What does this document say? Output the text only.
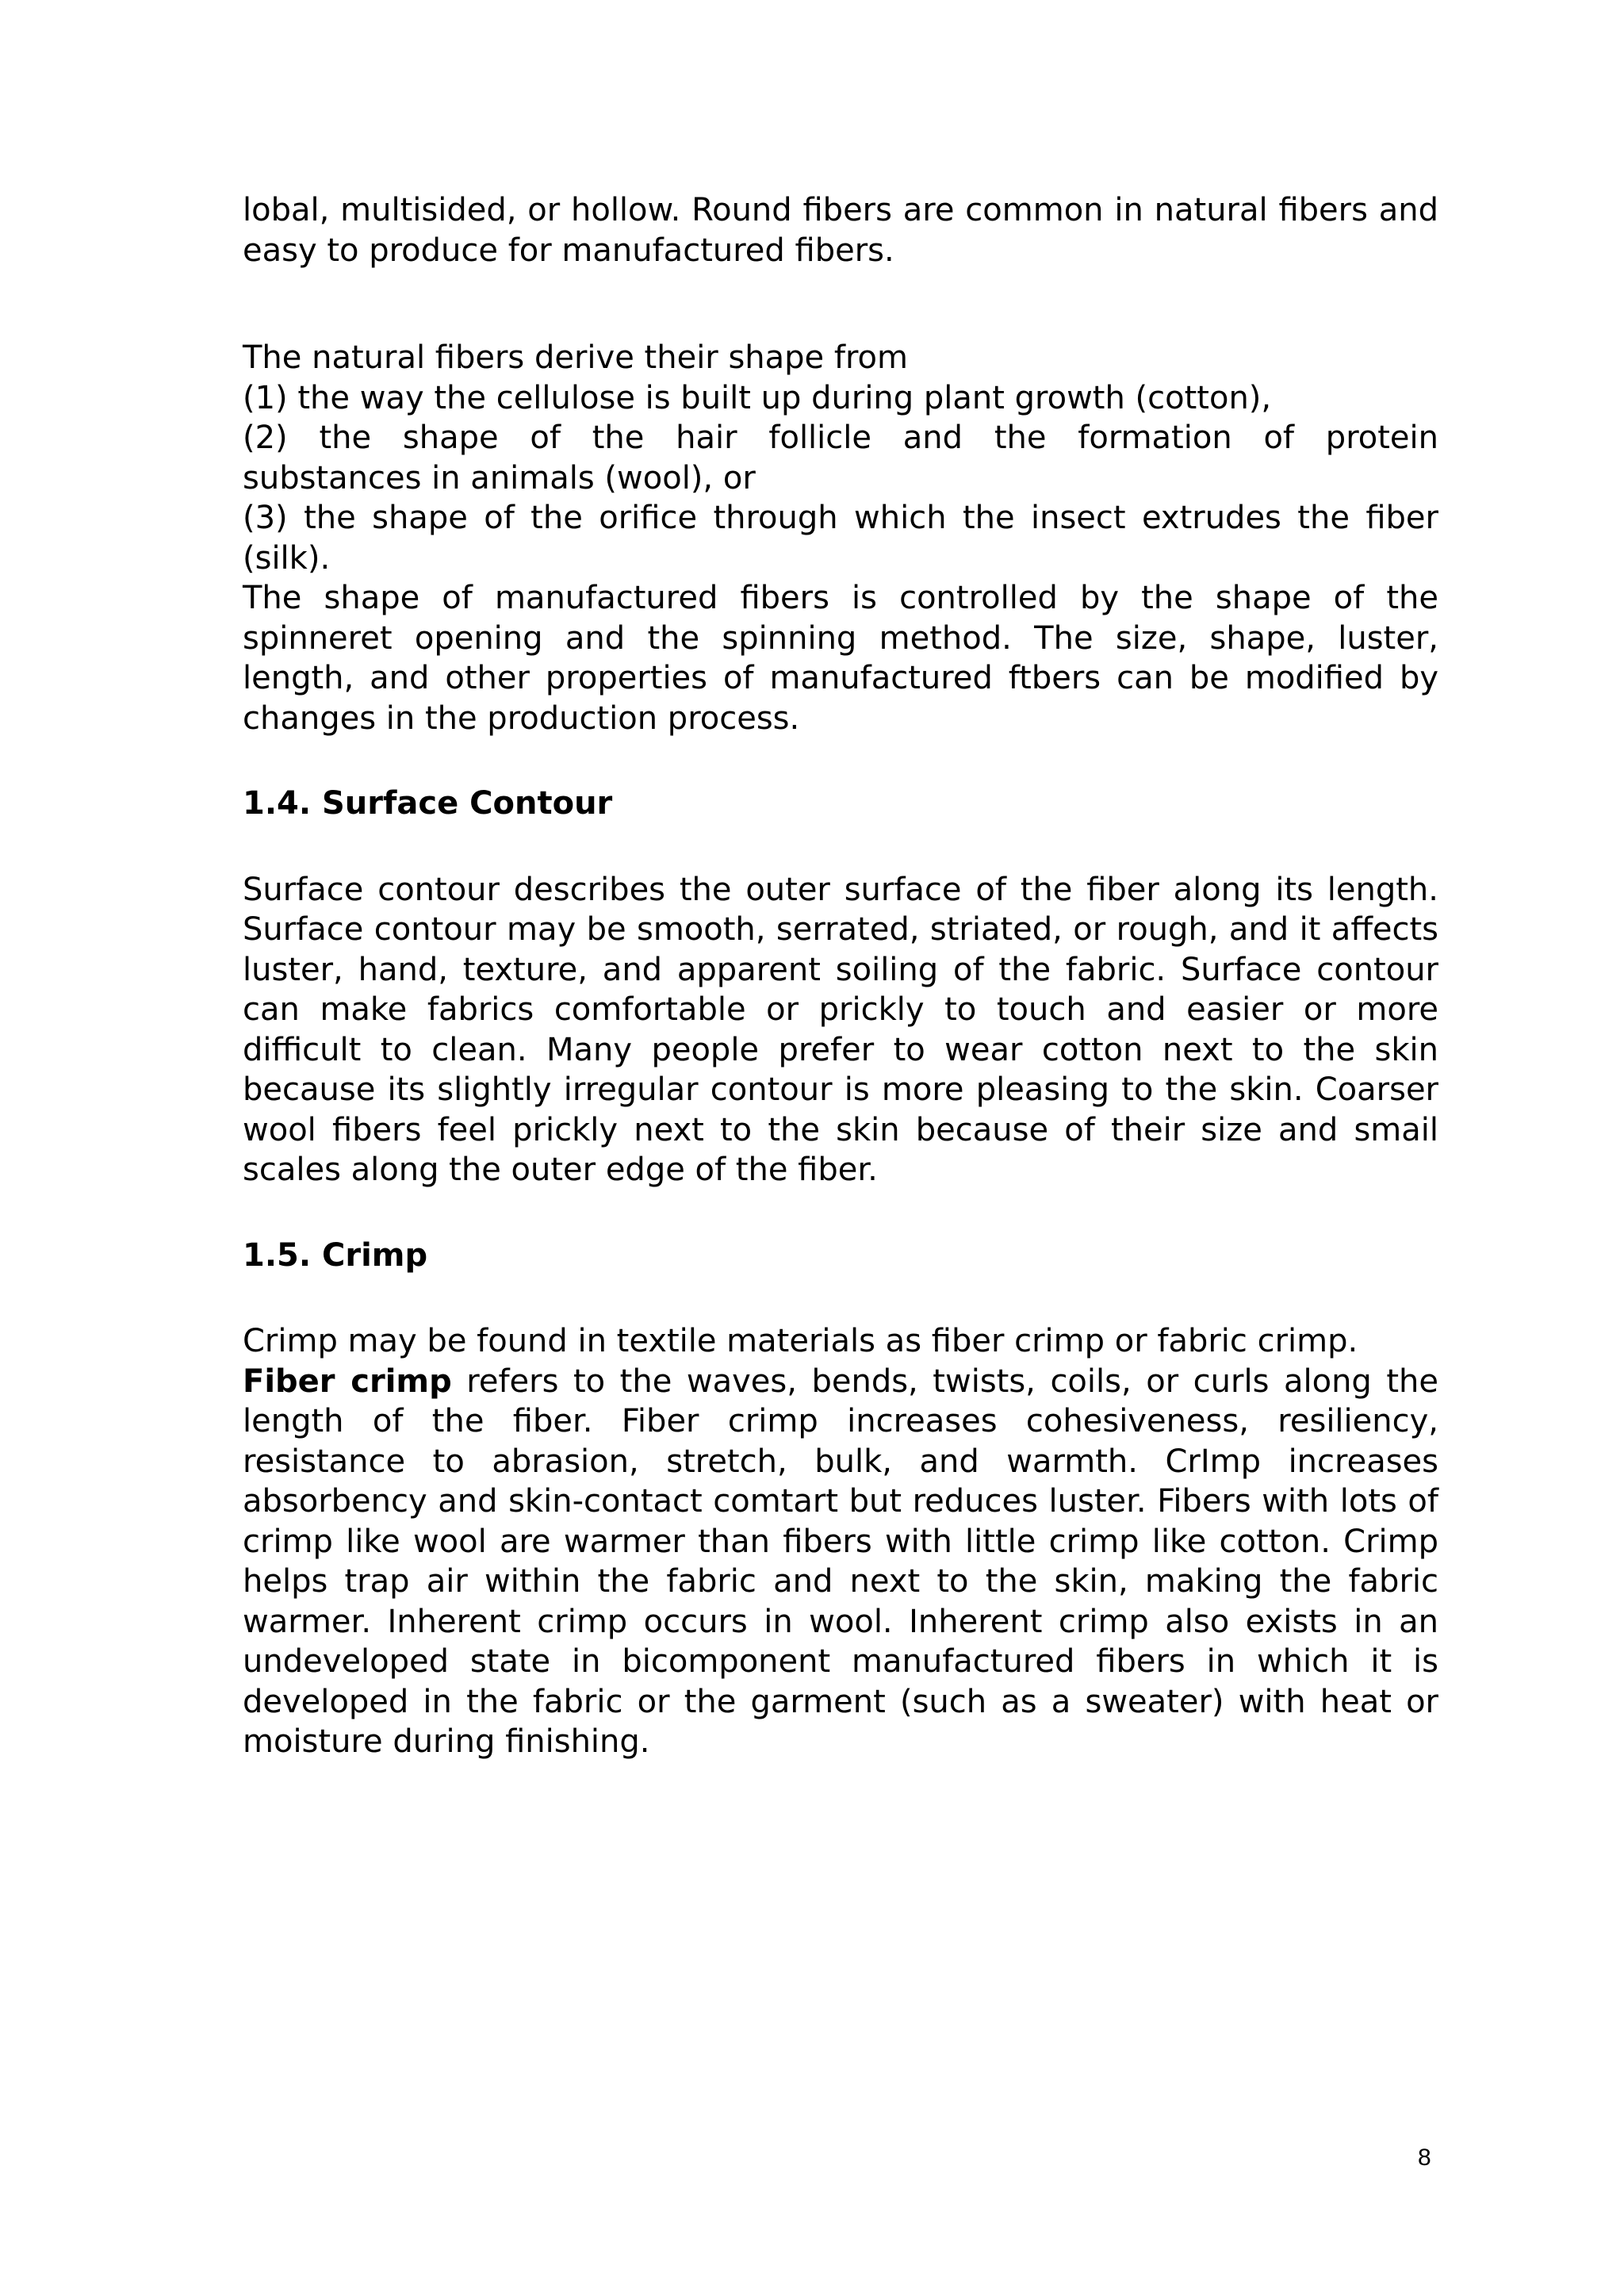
lobal, multisided, or hollow. Round fibers are common in natural fibers and easy to produce for manufactured fibers.

The natural fibers derive their shape from
(1) the way the cellulose is built up during plant growth (cotton),
(2) the shape of the hair follicle and the formation of protein
substances in animals (wool), or

(3) the shape of the orifice through which the insect extrudes the fiber (silk).

The shape of manufactured fibers is controlled by the shape of the spinneret opening and the spinning method. The size, shape, luster, length, and other properties of manufactured ftbers can be modified by changes in the production process.

1.4. Surface Contour

Surface contour describes the outer surface of the fiber along its length. Surface contour may be smooth, serrated, striated, or rough, and it affects luster, hand, texture, and apparent soiling of the fabric. Surface contour can make fabrics comfortable or prickly to touch and easier or more difficult to clean. Many people prefer to wear cotton next to the skin because its slightly irregular contour is more pleasing to the skin. Coarser wool fibers feel prickly next to the skin because of their size and smail scales along the outer edge of the fiber.

1.5. Crimp

Crimp may be found in textile materials as fiber crimp or fabric crimp.

Fiber crimp refers to the waves, bends, twists, coils, or curls along the length of the fiber. Fiber crimp increases cohesiveness, resiliency, resistance to abrasion, stretch, bulk, and warmth. CrImp increases absorbency and skin-contact comtart but reduces luster. Fibers with lots of crimp like wool are warmer than fibers with little crimp like cotton. Crimp helps trap air within the fabric and next to the skin, making the fabric warmer. Inherent crimp occurs in wool. Inherent crimp also exists in an undeveloped state in bicomponent manufactured fibers in which it is developed in the fabric or the garment (such as a sweater) with heat or moisture during finishing.

8
